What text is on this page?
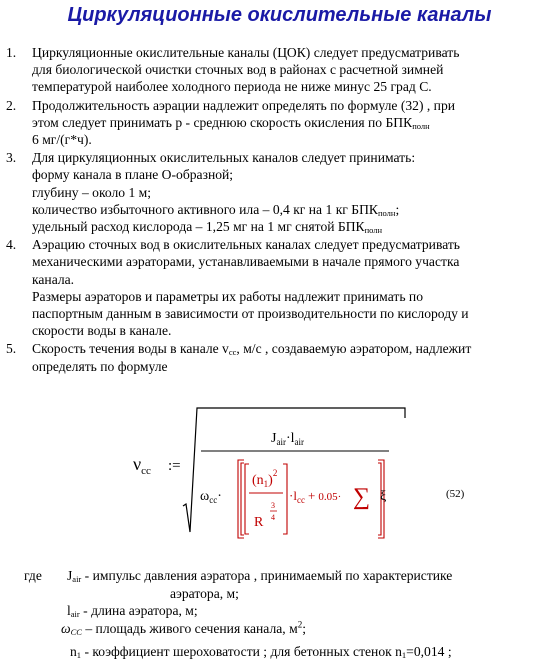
Циркуляционные окислительные каналы
1. Циркуляционные окислительные каналы (ЦОК) следует предусматривать
для биологической очистки сточных вод в районах с расчетной зимней
температурой наиболее холодного периода не ниже минус 25 град С.
2. Продолжительность аэрации надлежит определять по формуле (32) , при
этом следует принимать р - среднюю скорость окисления по $БПК_{полн}$
6 мг/(г*ч).
3. Для циркуляционных окислительных каналов следует принимать:
форму канала в плане О-образной;
глубину – около 1 м;
количество избыточного активного ила – 0,4 кг на 1 кг $БПК_{полн}$;
удельный расход кислорода – 1,25 мг на 1 мг снятой $БПК_{полн}$
4. Аэрацию сточных вод в окислительных каналах следует предусматривать
механическими аэраторами, устанавливаемыми в начале прямого участка
канала.
Размеры аэраторов и параметры их работы надлежит принимать по
паспортным данным в зависимости от производительности по кислороду и
скорости воды в канале.
5. Скорость течения воды в канале $v_{cc}$, м/с , создаваемую аэратором, надлежит
определять по формуле
$\nu_{cc}$ :=
$J_{air}\cdot l_{air}$
$\omega_{cc}\cdot$
$(n_1)^2$
R
3
4
$\cdot l_{cc} + 0.05\cdot$ ∑ ξ	(52)
где $J_{air}$ - импульс давления аэратора , принимаемый по характеристике
аэратора, м;
$l_{air}$ - длина аэратора, м;
$\omega_{CC}$ – площадь живого сечения канала, $м^2$;
$n_1$ - коэффициент шероховатости ; для бетонных стенок $n_1=0,014$ ;
